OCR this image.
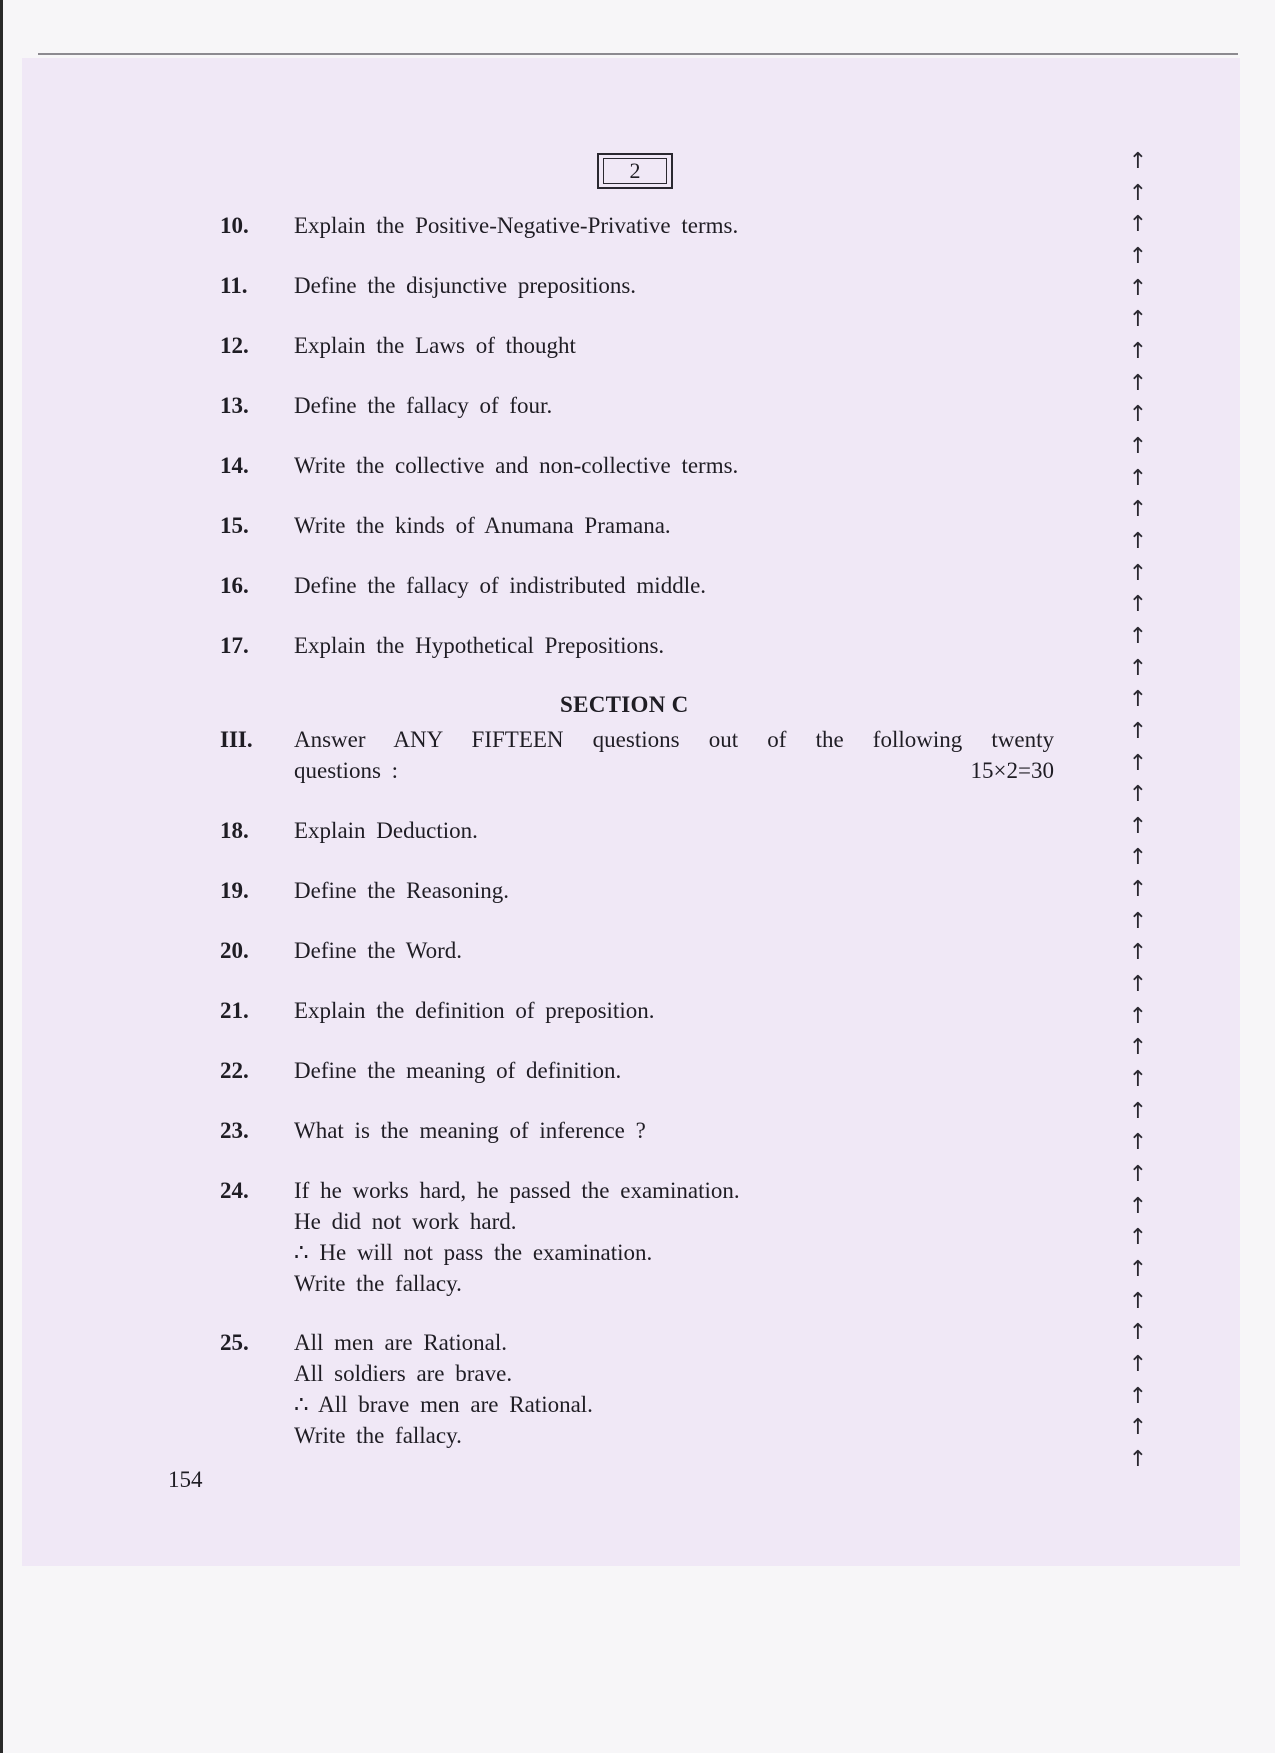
2
10. Explain the Positive-Negative-Privative terms.
11. Define the disjunctive prepositions.
12. Explain the Laws of thought
13. Define the fallacy of four.
14. Write the collective and non-collective terms.
15. Write the kinds of Anumana Pramana.
16. Define the fallacy of indistributed middle.
17. Explain the Hypothetical Prepositions.
SECTION C
III. Answer ANY FIFTEEN questions out of the following twenty
questions :	15×2=30
18. Explain Deduction.
19. Define the Reasoning.
20. Define the Word.
21. Explain the definition of preposition.
22. Define the meaning of definition.
23. What is the meaning of inference ?
24. If he works hard, he passed the examination.
He did not work hard.
∴ He will not pass the examination.
Write the fallacy.
25. All men are Rational.
All soldiers are brave.
∴ All brave men are Rational.
Write the fallacy.
154
↑
↑
↑
↑
↑
↑
↑
↑
↑
↑
↑
↑
↑
↑
↑
↑
↑
↑
↑
↑
↑
↑
↑
↑
↑
↑
↑
↑
↑
↑
↑
↑
↑
↑
↑
↑
↑
↑
↑
↑
↑
↑
